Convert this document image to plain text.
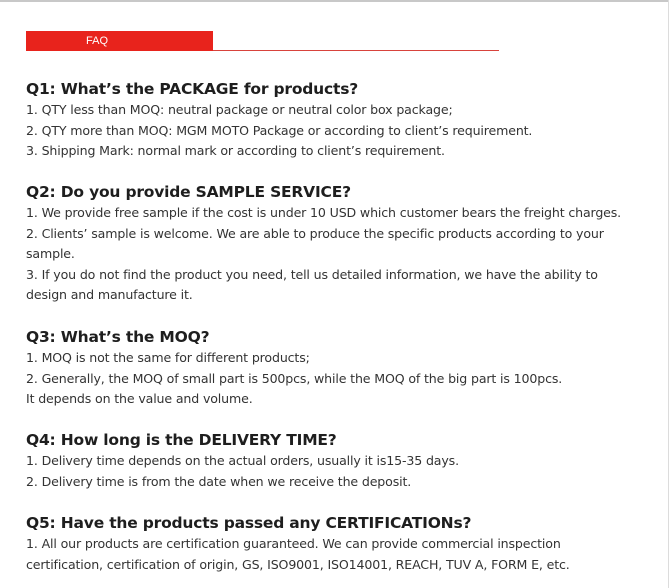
FAQ
Q1: What’s the PACKAGE for products?
1. QTY less than MOQ: neutral package or neutral color box package;
2. QTY more than MOQ: MGM MOTO Package or according to client’s requirement.
3. Shipping Mark: normal mark or according to client’s requirement.
Q2: Do you provide SAMPLE SERVICE?
1. We provide free sample if the cost is under 10 USD which customer bears the freight charges.
2. Clients’ sample is welcome. We are able to produce the specific products according to your
sample.
3. If you do not find the product you need, tell us detailed information, we have the ability to
design and manufacture it.
Q3: What’s the MOQ?
1. MOQ is not the same for different products;
2. Generally, the MOQ of small part is 500pcs, while the MOQ of the big part is 100pcs.
It depends on the value and volume.
Q4: How long is the DELIVERY TIME?
1. Delivery time depends on the actual orders, usually it is15-35 days.
2. Delivery time is from the date when we receive the deposit.
Q5: Have the products passed any CERTIFICATIONs?
1. All our products are certification guaranteed. We can provide commercial inspection
certification, certification of origin, GS, ISO9001, ISO14001, REACH, TUV A, FORM E, etc.
